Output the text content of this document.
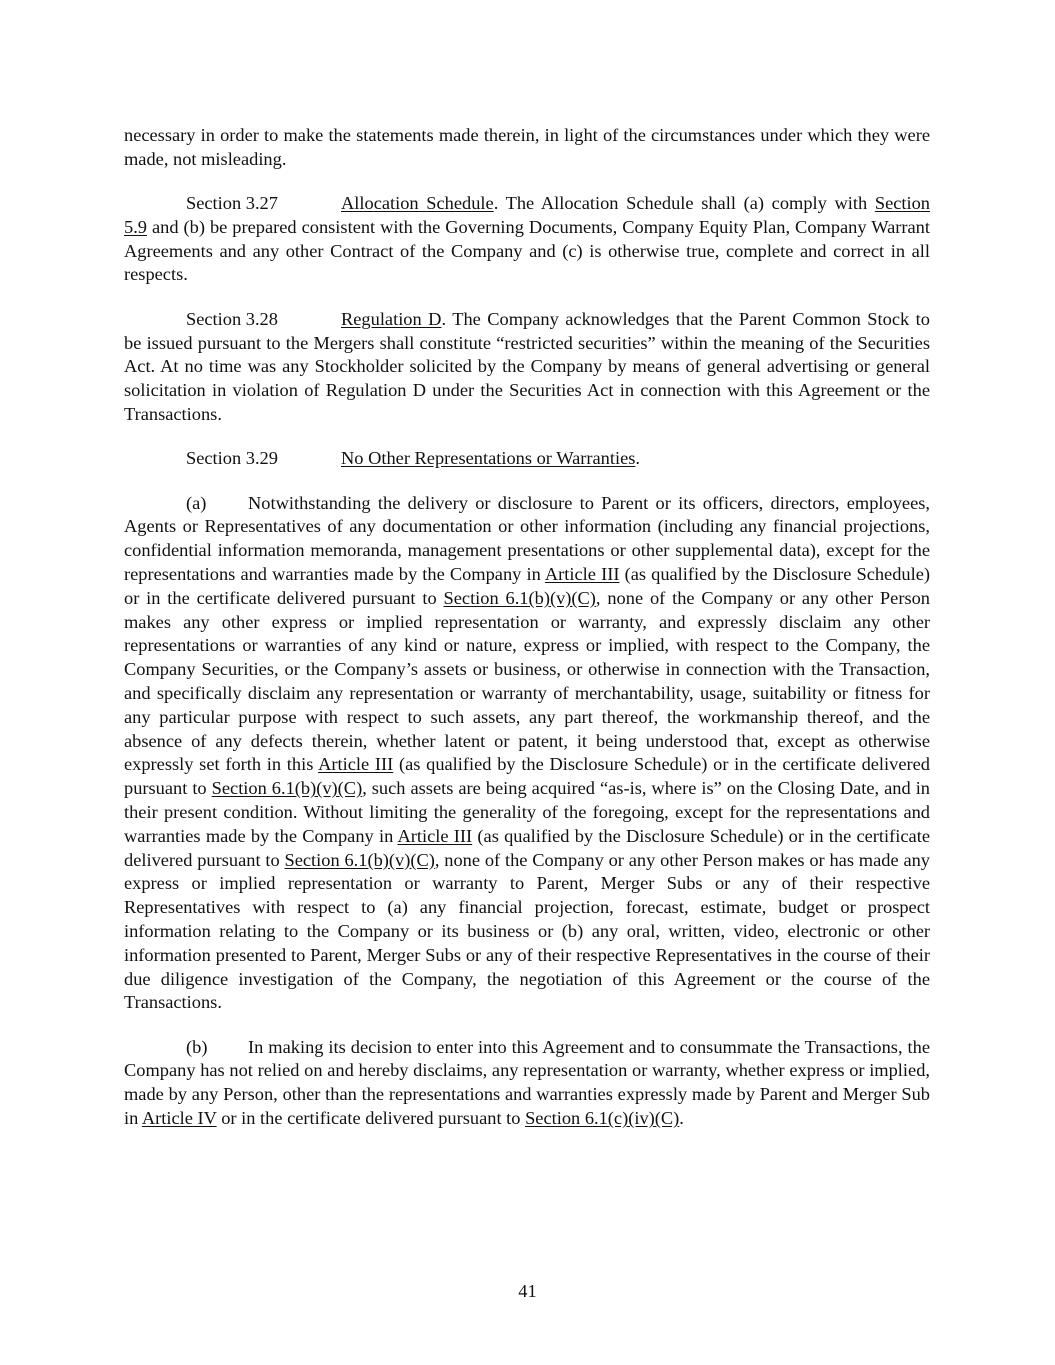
necessary in order to make the statements made therein, in light of the circumstances under which they were made, not misleading.

Section 3.27	Allocation Schedule. The Allocation Schedule shall (a) comply with Section 5.9 and (b) be prepared consistent with the Governing Documents, Company Equity Plan, Company Warrant Agreements and any other Contract of the Company and (c) is otherwise true, complete and correct in all respects.

Section 3.28	Regulation D. The Company acknowledges that the Parent Common Stock to be issued pursuant to the Mergers shall constitute “restricted securities” within the meaning of the Securities Act. At no time was any Stockholder solicited by the Company by means of general advertising or general solicitation in violation of Regulation D under the Securities Act in connection with this Agreement or the Transactions.

Section 3.29	No Other Representations or Warranties.

(a) Notwithstanding the delivery or disclosure to Parent or its officers, directors, employees, Agents or Representatives of any documentation or other information (including any financial projections, confidential information memoranda, management presentations or other supplemental data), except for the representations and warranties made by the Company in Article III (as qualified by the Disclosure Schedule) or in the certificate delivered pursuant to Section 6.1(b)(v)(C), none of the Company or any other Person makes any other express or implied representation or warranty, and expressly disclaim any other representations or warranties of any kind or nature, express or implied, with respect to the Company, the Company Securities, or the Company’s assets or business, or otherwise in connection with the Transaction, and specifically disclaim any representation or warranty of merchantability, usage, suitability or fitness for any particular purpose with respect to such assets, any part thereof, the workmanship thereof, and the absence of any defects therein, whether latent or patent, it being understood that, except as otherwise expressly set forth in this Article III (as qualified by the Disclosure Schedule) or in the certificate delivered pursuant to Section 6.1(b)(v)(C), such assets are being acquired “as-is, where is” on the Closing Date, and in their present condition. Without limiting the generality of the foregoing, except for the representations and warranties made by the Company in Article III (as qualified by the Disclosure Schedule) or in the certificate delivered pursuant to Section 6.1(b)(v)(C), none of the Company or any other Person makes or has made any express or implied representation or warranty to Parent, Merger Subs or any of their respective Representatives with respect to (a) any financial projection, forecast, estimate, budget or prospect information relating to the Company or its business or (b) any oral, written, video, electronic or other information presented to Parent, Merger Subs or any of their respective Representatives in the course of their due diligence investigation of the Company, the negotiation of this Agreement or the course of the Transactions.

(b) In making its decision to enter into this Agreement and to consummate the Transactions, the Company has not relied on and hereby disclaims, any representation or warranty, whether express or implied, made by any Person, other than the representations and warranties expressly made by Parent and Merger Sub in Article IV or in the certificate delivered pursuant to Section 6.1(c)(iv)(C).

41
